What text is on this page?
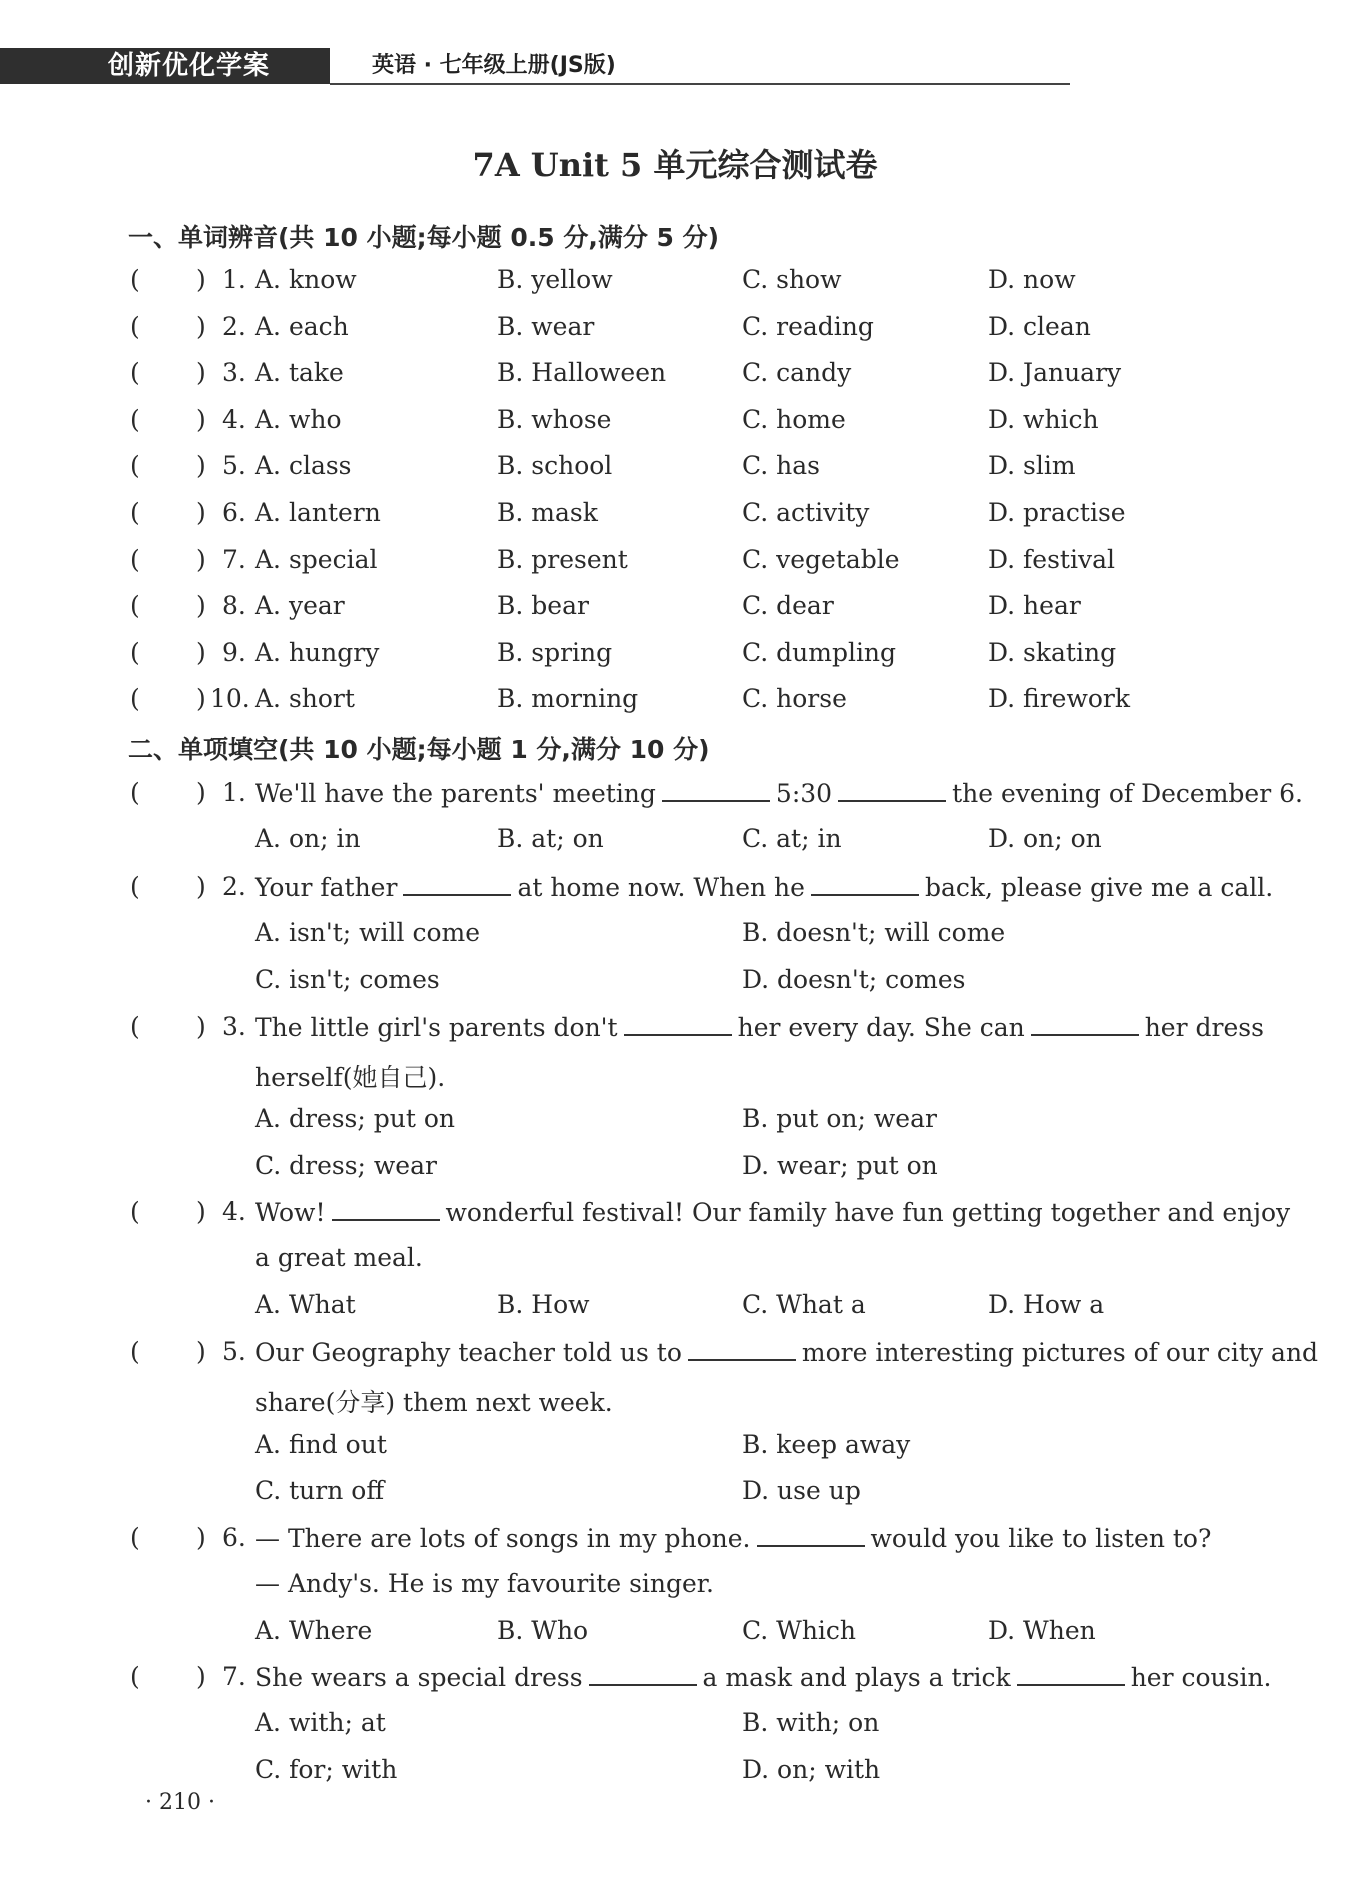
创新优化学案	英语 · 七年级上册(JS版)
7A Unit 5 单元综合测试卷
一、单词辨音(共 10 小题;每小题 0.5 分,满分 5 分)
( ) 1. A. know	B. yellow	C. show	D. now
( ) 2. A. each	B. wear	C. reading	D. clean
( ) 3. A. take	B. Halloween	C. candy	D. January
( ) 4. A. who	B. whose	C. home	D. which
( ) 5. A. class	B. school	C. has	D. slim
( ) 6. A. lantern	B. mask	C. activity	D. practise
( ) 7. A. special	B. present	C. vegetable	D. festival
( ) 8. A. year	B. bear	C. dear	D. hear
( ) 9. A. hungry	B. spring	C. dumpling	D. skating
( ) 10. A. short	B. morning	C. horse	D. firework
二、单项填空(共 10 小题;每小题 1 分,满分 10 分)
( ) 1. We'll have the parents' meeting	5:30	the evening of December 6.
A. on; in	B. at; on	C. at; in	D. on; on
( ) 2. Your father	at home now. When he	back, please give me a call.
A. isn't; will come	B. doesn't; will come
C. isn't; comes	D. doesn't; comes
( ) 3. The little girl's parents don't	her every day. She can	her dress
herself(她自己).
A. dress; put on	B. put on; wear
C. dress; wear	D. wear; put on
( ) 4. Wow!	wonderful festival! Our family have fun getting together and enjoy
a great meal.
A. What	B. How	C. What a	D. How a
( ) 5. Our Geography teacher told us to	more interesting pictures of our city and
share(分享) them next week.
A. find out	B. keep away
C. turn off	D. use up
( ) 6. — There are lots of songs in my phone.	would you like to listen to?
— Andy's. He is my favourite singer.
A. Where	B. Who	C. Which	D. When
( ) 7. She wears a special dress	a mask and plays a trick	her cousin.
A. with; at	B. with; on
C. for; with	D. on; with
· 210 ·
